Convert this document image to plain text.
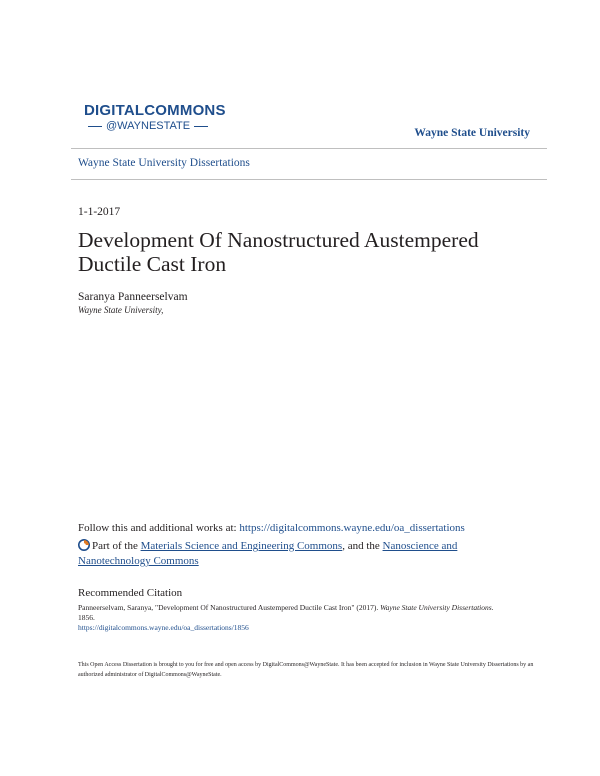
DIGITALCOMMONS
@WAYNESTATE
Wayne State University
Wayne State University Dissertations
1-1-2017
Development Of Nanostructured Austempered Ductile Cast Iron
Saranya Panneerselvam
Wayne State University,
Follow this and additional works at: https://digitalcommons.wayne.edu/oa_dissertations
Part of the Materials Science and Engineering Commons, and the Nanoscience and Nanotechnology Commons
Recommended Citation
Panneerselvam, Saranya, "Development Of Nanostructured Austempered Ductile Cast Iron" (2017). Wayne State University Dissertations. 1856.
https://digitalcommons.wayne.edu/oa_dissertations/1856
This Open Access Dissertation is brought to you for free and open access by DigitalCommons@WayneState. It has been accepted for inclusion in Wayne State University Dissertations by an authorized administrator of DigitalCommons@WayneState.
